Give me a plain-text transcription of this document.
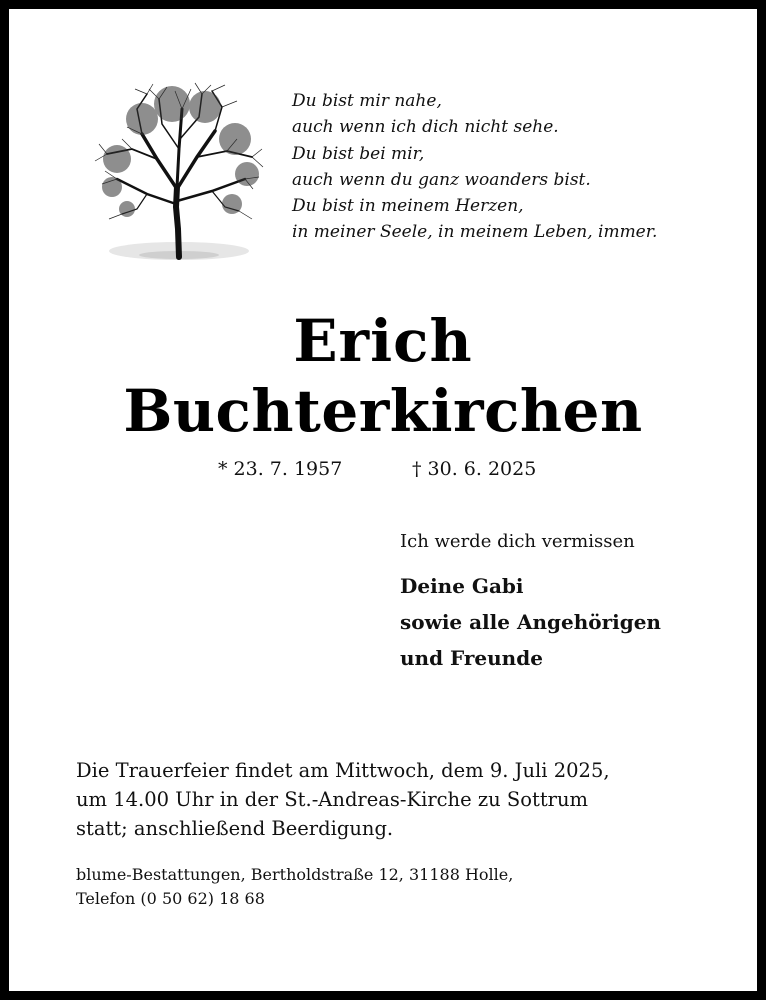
Du bist mir nahe,
auch wenn ich dich nicht sehe.
Du bist bei mir,
auch wenn du ganz woanders bist.
Du bist in meinem Herzen,
in meiner Seele, in meinem Leben, immer.
Erich
Buchterkirchen
* 23. 7. 1957	† 30. 6. 2025
Ich werde dich vermissen
Deine Gabi
sowie alle Angehörigen
und Freunde
Die Trauerfeier findet am Mittwoch, dem 9. Juli 2025,
um 14.00 Uhr in der St.-Andreas-Kirche zu Sottrum
statt; anschließend Beerdigung.
blume-Bestattungen, Bertholdstraße 12, 31188 Holle,
Telefon (0 50 62) 18 68
